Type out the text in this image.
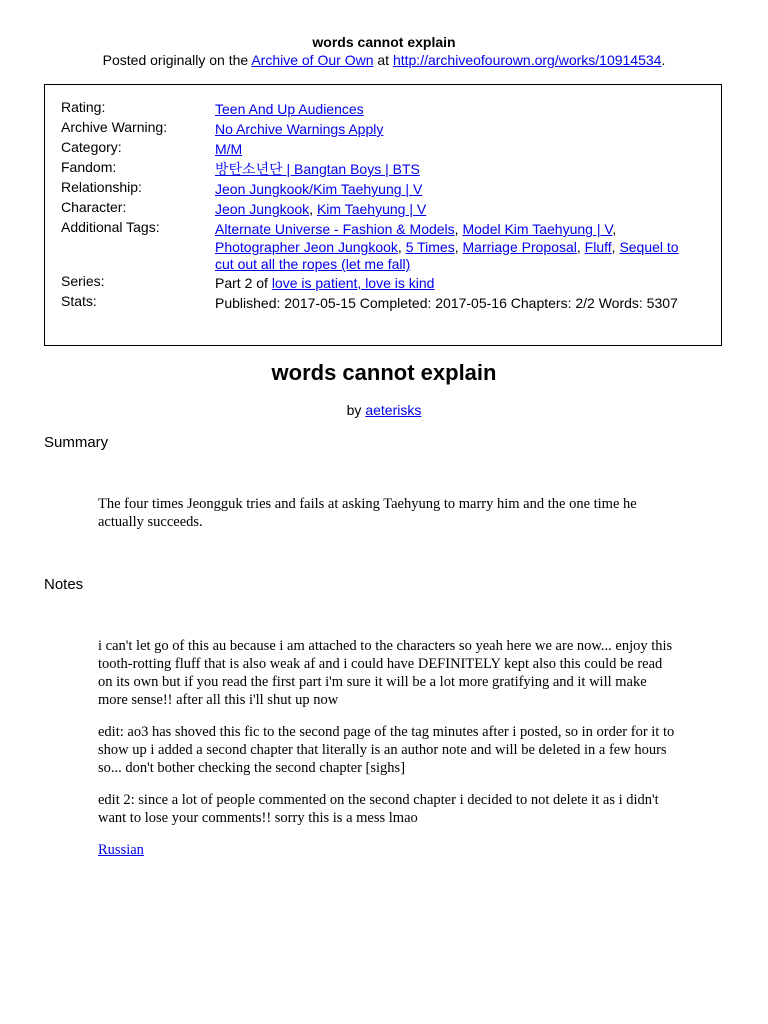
words cannot explain
Posted originally on the Archive of Our Own at http://archiveofourown.org/works/10914534.
Rating:	Teen And Up Audiences
Archive Warning:	No Archive Warnings Apply
Category:	M/M
Fandom:	방탄소년단 | Bangtan Boys | BTS
Relationship:	Jeon Jungkook/Kim Taehyung | V
Character:	Jeon Jungkook, Kim Taehyung | V
Additional Tags:	Alternate Universe - Fashion & Models, Model Kim Taehyung | V, Photographer Jeon Jungkook, 5 Times, Marriage Proposal, Fluff, Sequel to cut out all the ropes (let me fall)
Series:	Part 2 of love is patient, love is kind
Stats:	Published: 2017-05-15 Completed: 2017-05-16 Chapters: 2/2 Words: 5307
words cannot explain
by aeterisks
Summary

The four times Jeongguk tries and fails at asking Taehyung to marry him and the one time he actually succeeds.

Notes

i can't let go of this au because i am attached to the characters so yeah here we are now... enjoy this tooth-rotting fluff that is also weak af and i could have DEFINITELY kept also this could be read on its own but if you read the first part i'm sure it will be a lot more gratifying and it will make more sense!! after all this i'll shut up now

edit: ao3 has shoved this fic to the second page of the tag minutes after i posted, so in order for it to show up i added a second chapter that literally is an author note and will be deleted in a few hours so... don't bother checking the second chapter [sighs]

edit 2: since a lot of people commented on the second chapter i decided to not delete it as i didn't want to lose your comments!! sorry this is a mess lmao

Russian
